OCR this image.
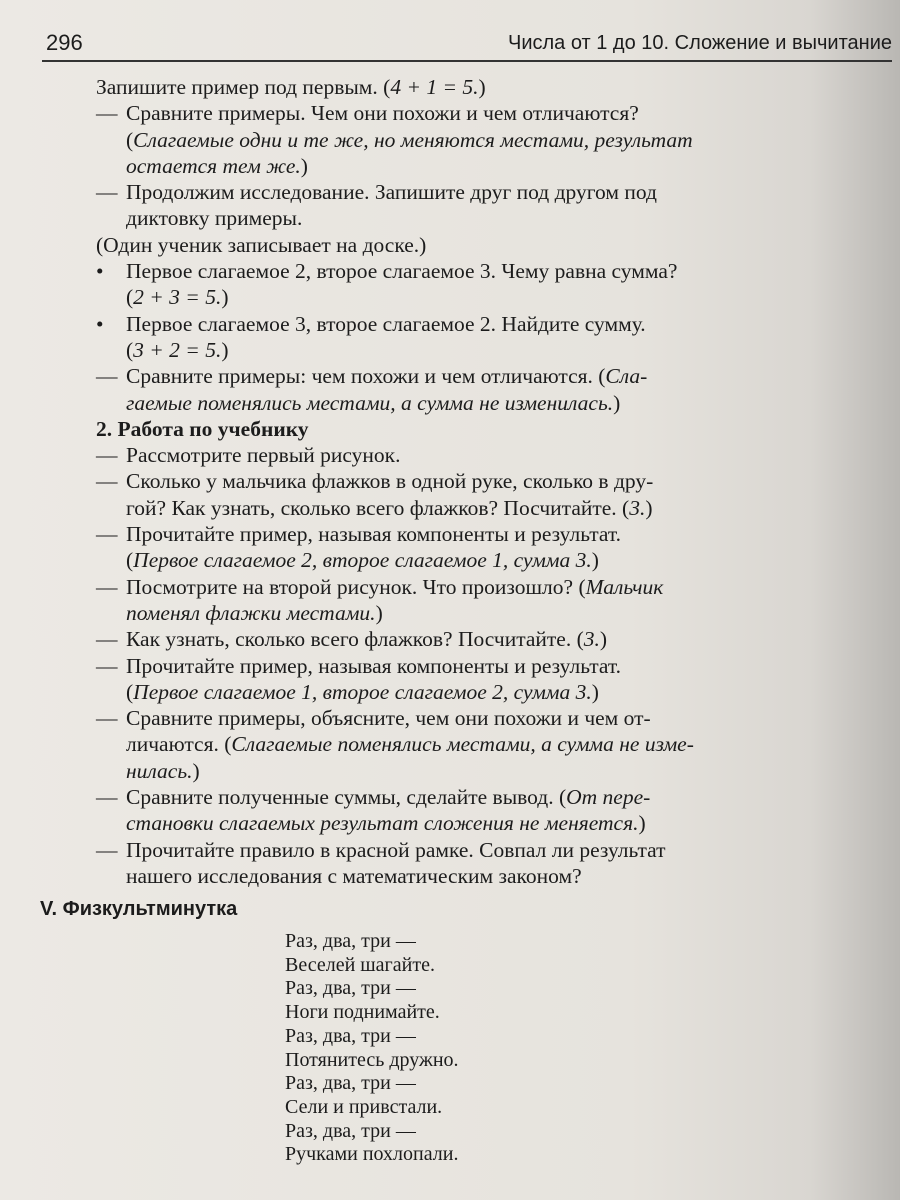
296	Числа от 1 до 10. Сложение и вычитание

Запишите пример под первым. (4 + 1 = 5.)

— Сравните примеры. Чем они похожи и чем отличаются?

(Слагаемые одни и те же, но меняются местами, результат

остается тем же.)

— Продолжим исследование. Запишите друг под другом под

диктовку примеры.

(Один ученик записывает на доске.)

•	Первое слагаемое 2, второе слагаемое 3. Чему равна сумма?

(2 + 3 = 5.)

•	Первое слагаемое 3, второе слагаемое 2. Найдите сумму.

(3 + 2 = 5.)

— Сравните примеры: чем похожи и чем отличаются. (Сла-

гаемые поменялись местами, а сумма не изменилась.)

2. Работа по учебнику

— Рассмотрите первый рисунок.

— Сколько у мальчика флажков в одной руке, сколько в дру-

гой? Как узнать, сколько всего флажков? Посчитайте. (3.)

— Прочитайте пример, называя компоненты и результат.

(Первое слагаемое 2, второе слагаемое 1, сумма 3.)

— Посмотрите на второй рисунок. Что произошло? (Мальчик

поменял флажки местами.)

— Как узнать, сколько всего флажков? Посчитайте. (3.)

— Прочитайте пример, называя компоненты и результат.

(Первое слагаемое 1, второе слагаемое 2, сумма 3.)

— Сравните примеры, объясните, чем они похожи и чем от-

личаются. (Слагаемые поменялись местами, а сумма не изме-

нилась.)

— Сравните полученные суммы, сделайте вывод. (От пере-

становки слагаемых результат сложения не меняется.)

— Прочитайте правило в красной рамке. Совпал ли результат

нашего исследования с математическим законом?

V. Физкультминутка

Раз, два, три —

Веселей шагайте.

Раз, два, три —

Ноги поднимайте.

Раз, два, три —

Потянитесь дружно.

Раз, два, три —

Сели и привстали.

Раз, два, три —

Ручками похлопали.
